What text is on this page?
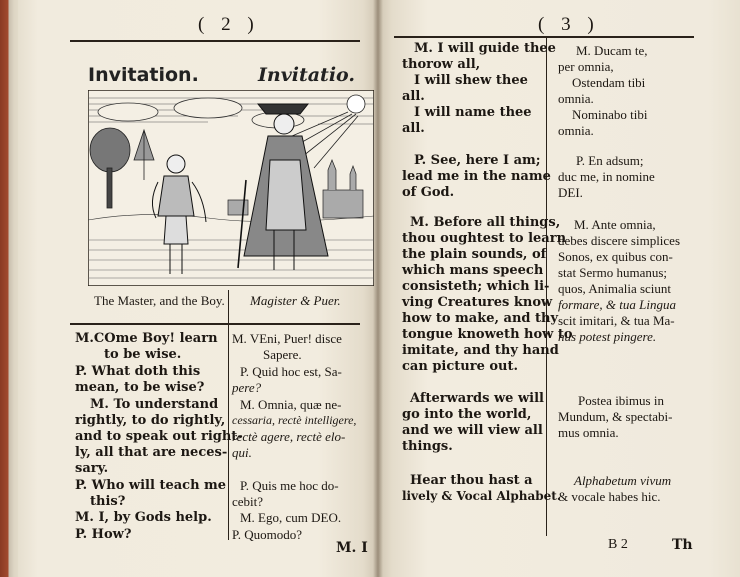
( 2 )
Invitation.	Invitatio.
The Master, and the Boy.	Magister & Puer.
M.COme Boy! learn
to be wise.
P. What doth this
mean, to be wise?
M. To understand
rightly, to do rightly,
and to speak out right-
ly, all that are neces-
sary.
P. Who will teach me
this?
M. I, by Gods help.
P. How?
M. VEni, Puer! disce
Sapere.
P. Quid hoc est, Sa-
pere?
M. Omnia, quæ ne-
cessaria, rectè intelligere,
rectè agere, rectè elo-
qui.
P. Quis me hoc do-
cebit?
M. Ego, cum DEO.
P. Quomodo?
M. I
( 3 )
M. I will guide thee
thorow all,
I will shew thee
all.
I will name thee
all.
P. See, here I am;
lead me in the name
of God.
M. Before all things,
thou oughtest to learn
the plain sounds, of
which mans speech
consisteth; which li-
ving Creatures know
how to make, and thy
tongue knoweth how to
imitate, and thy hand
can picture out.
Afterwards we will
go into the world,
and we will view all
things.
Hear thou hast a
lively & Vocal Alphabet.
M. Ducam te,
per omnia,
Ostendam tibi
omnia.
Nominabo tibi
omnia.
P. En adsum;
duc me, in nomine
DEI.
M. Ante omnia,
debes discere simplices
Sonos, ex quibus con-
stat Sermo humanus;
quos, Animalia sciunt
formare, & tua Lingua
scit imitari, & tua Ma-
nus potest pingere.
Postea ibimus in
Mundum, & spectabi-
mus omnia.
Alphabetum vivum
& vocale habes hic.
B 2	Th
